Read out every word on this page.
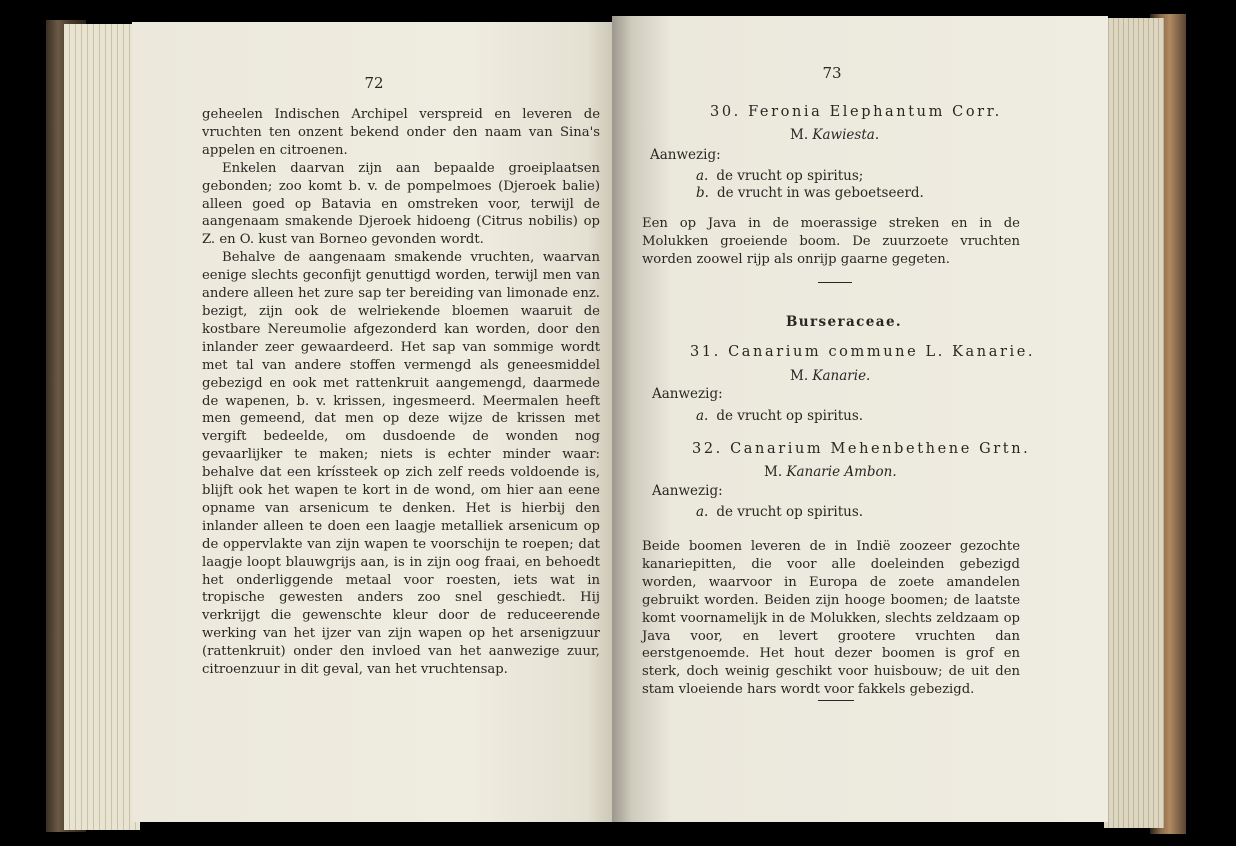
72

geheelen Indischen Archipel verspreid en leveren de vruchten ten onzent bekend onder den naam van Sina's appelen en citroenen.

Enkelen daarvan zijn aan bepaalde groeiplaatsen gebonden; zoo komt b. v. de pompelmoes (Djeroek balie) alleen goed op Batavia en omstreken voor, terwijl de aangenaam smakende Djeroek hidoeng (Citrus nobilis) op Z. en O. kust van Borneo gevonden wordt.

Behalve de aangenaam smakende vruchten, waarvan eenige slechts geconfijt genuttigd worden, terwijl men van andere alleen het zure sap ter bereiding van limonade enz. bezigt, zijn ook de welriekende bloemen waaruit de kostbare Nereumolie afgezonderd kan worden, door den inlander zeer gewaardeerd. Het sap van sommige wordt met tal van andere stoffen vermengd als geneesmiddel gebezigd en ook met rattenkruit aangemengd, daarmede de wapenen, b. v. krissen, ingesmeerd. Meermalen heeft men gemeend, dat men op deze wijze de krissen met vergift bedeelde, om dusdoende de wonden nog gevaarlijker te maken; niets is echter minder waar: behalve dat een kríssteek op zich zelf reeds voldoende is, blijft ook het wapen te kort in de wond, om hier aan eene opname van arsenicum te denken. Het is hierbij den inlander alleen te doen een laagje metalliek arsenicum op de oppervlakte van zijn wapen te voorschijn te roepen; dat laagje loopt blauwgrijs aan, is in zijn oog fraai, en behoedt het onderliggende metaal voor roesten, iets wat in tropische gewesten anders zoo snel geschiedt. Hij verkrijgt die gewenschte kleur door de reduceerende werking van het ijzer van zijn wapen op het arsenigzuur (rattenkruit) onder den invloed van het aanwezige zuur, citroenzuur in dit geval, van het vruchtensap.

73
30. Feronia Elephantum Corr.
M. Kawiesta.
Aanwezig:
a. de vrucht op spiritus;
b. de vrucht in was geboetseerd.
Een op Java in de moerassige streken en in de Molukken groeiende boom. De zuurzoete vruchten worden zoowel rijp als onrijp gaarne gegeten.
Burseraceae.
31. Canarium commune L. Kanarie.
M. Kanarie.
Aanwezig:
a. de vrucht op spiritus.
32. Canarium Mehenbethene Grtn.
M. Kanarie Ambon.
Aanwezig:
a. de vrucht op spiritus.
Beide boomen leveren de in Indië zoozeer gezochte kanariepitten, die voor alle doeleinden gebezigd worden, waarvoor in Europa de zoete amandelen gebruikt worden. Beiden zijn hooge boomen; de laatste komt voornamelijk in de Molukken, slechts zeldzaam op Java voor, en levert grootere vruchten dan eerstgenoemde. Het hout dezer boomen is grof en sterk, doch weinig geschikt voor huisbouw; de uit den stam vloeiende hars wordt voor fakkels gebezigd.
